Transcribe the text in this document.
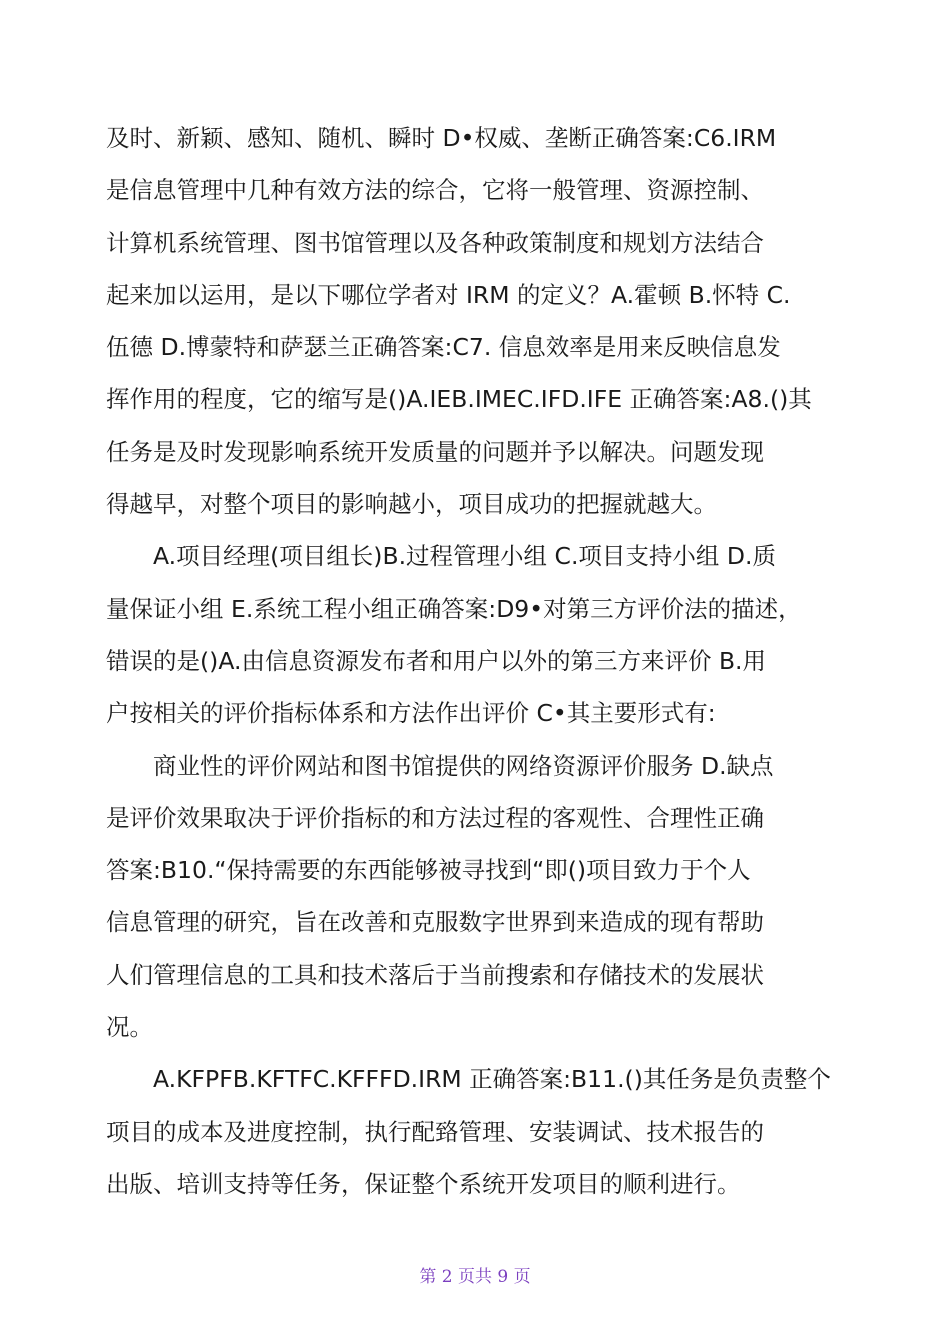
及时、新颖、感知、随机、瞬时 D•权威、垄断正确答案:C6.IRM
是信息管理中几种有效方法的综合，它将一般管理、资源控制、
计算机系统管理、图书馆管理以及各种政策制度和规划方法结合
起来加以运用，是以下哪位学者对 IRM 的定义？A.霍顿 B.怀特 C.
伍德 D.博蒙特和萨瑟兰正确答案:C7. 信息效率是用来反映信息发
挥作用的程度，它的缩写是()A.IEB.IMEC.IFD.IFE 正确答案:A8.()其
任务是及时发现影响系统开发质量的问题并予以解决。问题发现
得越早，对整个项目的影响越小，项目成功的把握就越大。
　　A.项目经理(项目组长)B.过程管理小组 C.项目支持小组 D.质
量保证小组 E.系统工程小组正确答案:D9•对第三方评价法的描述，
错误的是()A.由信息资源发布者和用户以外的第三方来评价 B.用
户按相关的评价指标体系和方法作出评价 C•其主要形式有:
　　商业性的评价网站和图书馆提供的网络资源评价服务 D.缺点
是评价效果取决于评价指标的和方法过程的客观性、合理性正确
答案:B10.“保持需要的东西能够被寻找到“即()项目致力于个人
信息管理的研究，旨在改善和克服数字世界到来造成的现有帮助
人们管理信息的工具和技术落后于当前搜索和存储技术的发展状
况。
　　A.KFPFB.KFTFC.KFFFD.IRM 正确答案:B11.()其任务是负责整个
项目的成本及进度控制，执行配臵管理、安装调试、技术报告的
出版、培训支持等任务，保证整个系统开发项目的顺利进行。
第 2 页共 9 页
